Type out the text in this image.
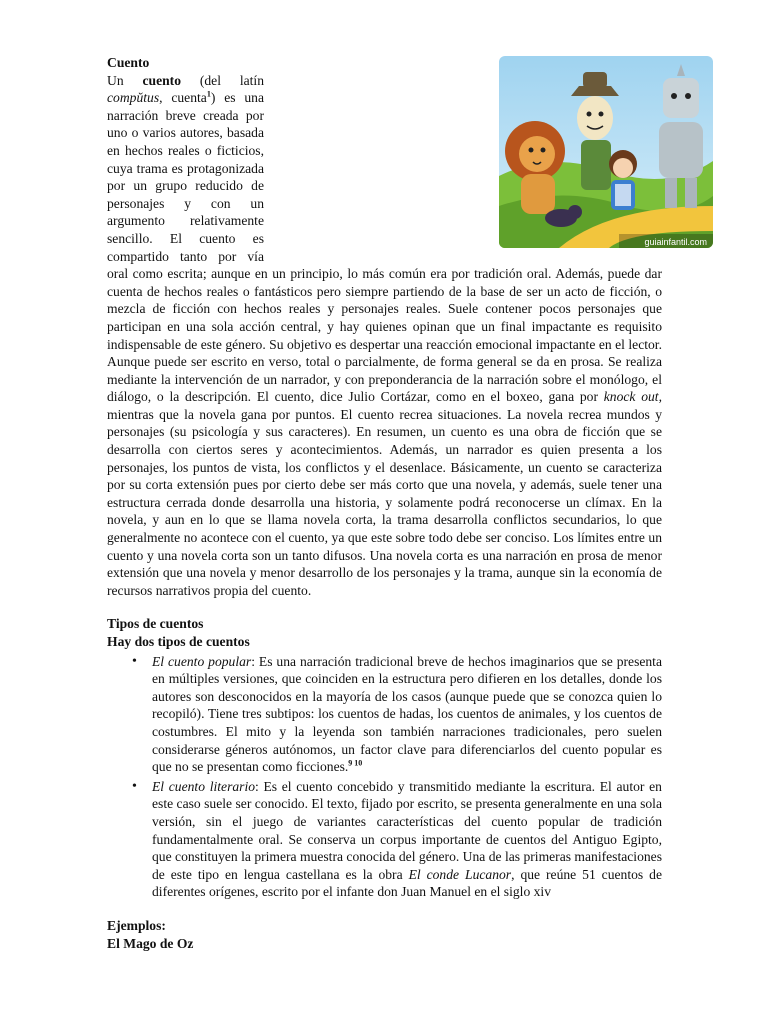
guiainfantil.com

Cuento

Un cuento (del latín compŭtus, cuenta$^1$) es una narración breve creada por uno o varios autores, basada en hechos reales o ficticios, cuya trama es protagonizada por un grupo reducido de personajes y con un argumento relativamente sencillo. El cuento es compartido tanto por vía oral como escrita; aunque en un principio, lo más común era por tradición oral. Además, puede dar cuenta de hechos reales o fantásticos pero siempre partiendo de la base de ser un acto de ficción, o mezcla de ficción con hechos reales y personajes reales. Suele contener pocos personajes que participan en una sola acción central, y hay quienes opinan que un final impactante es requisito indispensable de este género. Su objetivo es despertar una reacción emocional impactante en el lector. Aunque puede ser escrito en verso, total o parcialmente, de forma general se da en prosa. Se realiza mediante la intervención de un narrador, y con preponderancia de la narración sobre el monólogo, el diálogo, o la descripción. El cuento, dice Julio Cortázar, como en el boxeo, gana por knock out, mientras que la novela gana por puntos. El cuento recrea situaciones. La novela recrea mundos y personajes (su psicología y sus caracteres). En resumen, un cuento es una obra de ficción que se desarrolla con ciertos seres y acontecimientos. Además, un narrador es quien presenta a los personajes, los puntos de vista, los conflictos y el desenlace. Básicamente, un cuento se caracteriza por su corta extensión pues por cierto debe ser más corto que una novela, y además, suele tener una estructura cerrada donde desarrolla una historia, y solamente podrá reconocerse un clímax. En la novela, y aun en lo que se llama novela corta, la trama desarrolla conflictos secundarios, lo que generalmente no acontece con el cuento, ya que este sobre todo debe ser conciso. Los límites entre un cuento y una novela corta son un tanto difusos. Una novela corta es una narración en prosa de menor extensión que una novela y menor desarrollo de los personajes y la trama, aunque sin la economía de recursos narrativos propia del cuento.

Tipos de cuentos

Hay dos tipos de cuentos

• El cuento popular: Es una narración tradicional breve de hechos imaginarios que se presenta en múltiples versiones, que coinciden en la estructura pero difieren en los detalles, donde los autores son desconocidos en la mayoría de los casos (aunque puede que se conozca quien lo recopiló). Tiene tres subtipos: los cuentos de hadas, los cuentos de animales, y los cuentos de costumbres. El mito y la leyenda son también narraciones tradicionales, pero suelen considerarse géneros autónomos, un factor clave para diferenciarlos del cuento popular es que no se presentan como ficciones.$^{9 10}$
• El cuento literario: Es el cuento concebido y transmitido mediante la escritura. El autor en este caso suele ser conocido. El texto, fijado por escrito, se presenta generalmente en una sola versión, sin el juego de variantes características del cuento popular de tradición fundamentalmente oral. Se conserva un corpus importante de cuentos del Antiguo Egipto, que constituyen la primera muestra conocida del género. Una de las primeras manifestaciones de este tipo en lengua castellana es la obra El conde Lucanor, que reúne 51 cuentos de diferentes orígenes, escrito por el infante don Juan Manuel en el siglo xiv

Ejemplos:

El Mago de Oz
